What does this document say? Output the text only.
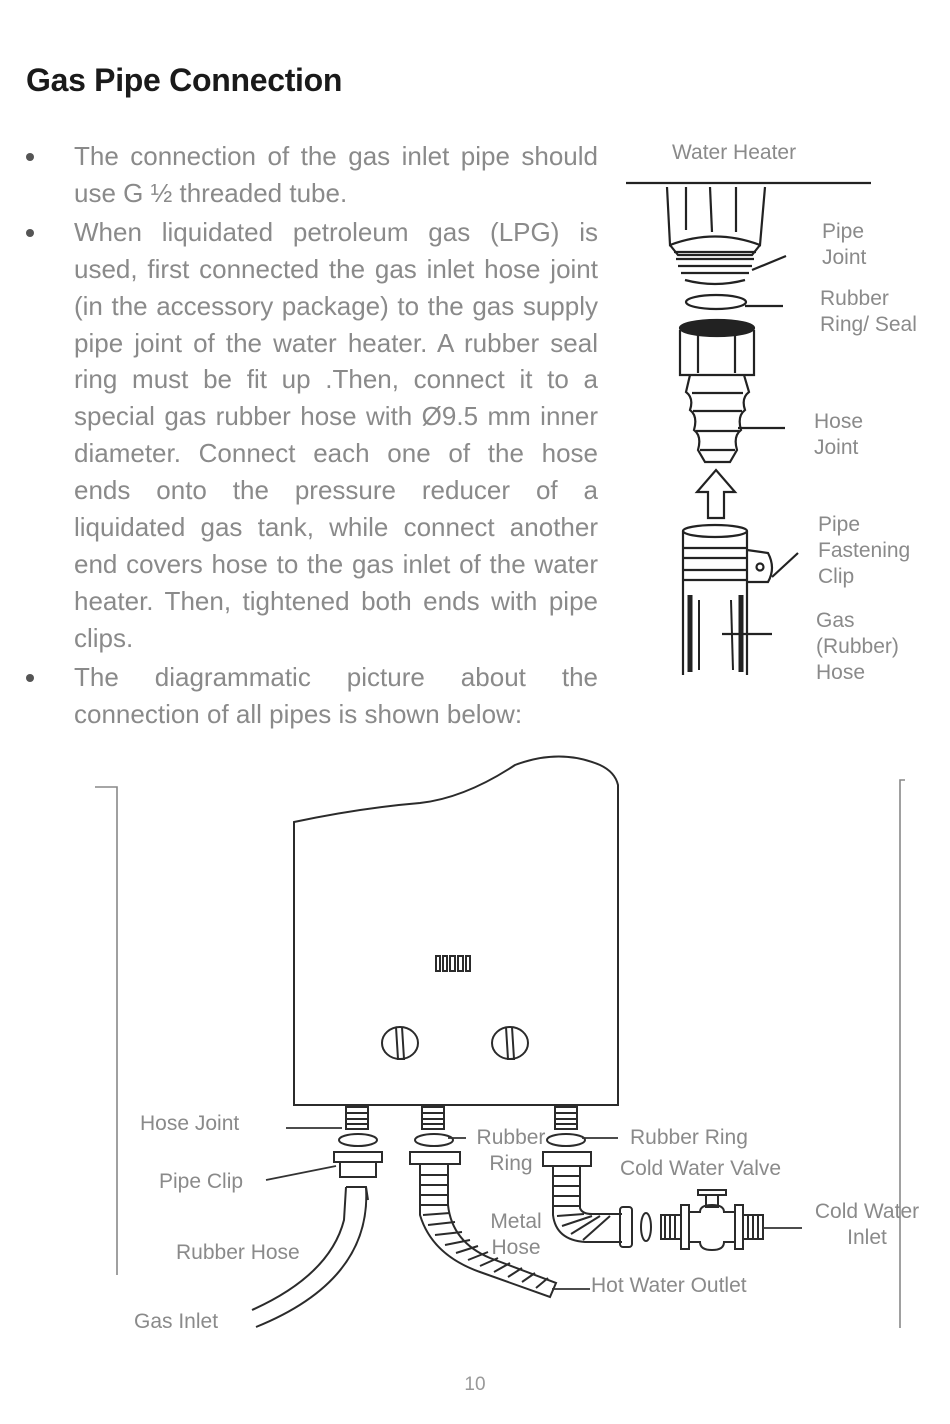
Gas Pipe Connection
The connection of the gas inlet pipe should use G ½ threaded tube.
When liquidated petroleum gas (LPG) is used, first connected the gas inlet hose joint (in the accessory package) to the gas supply pipe joint of the water heater. A rubber seal ring must be fit up .Then, connect it to a special gas rubber hose with Ø9.5 mm inner diameter. Connect each one of the hose ends onto the pressure reducer of a liquidated gas tank, while connect another end covers hose to the gas inlet of the water heater. Then, tightened both ends with pipe clips.
The diagrammatic picture about the connection of all pipes is shown below:
Water Heater
Pipe
Joint
Rubber
Ring/ Seal
Hose
Joint
Pipe
Fastening
Clip
Gas
(Rubber)
Hose
Hose Joint
Pipe Clip
Rubber Hose
Gas Inlet
Rubber
Ring
Metal
Hose
Hot Water Outlet
Rubber Ring
Cold Water Valve
Cold Water
Inlet
10
